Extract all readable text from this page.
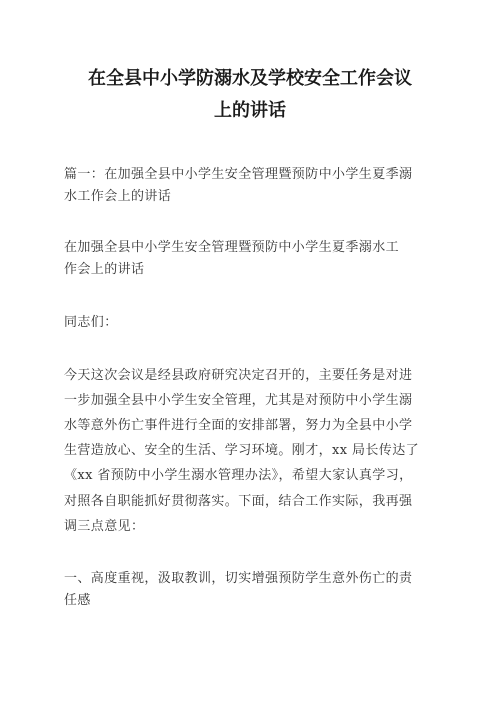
在全县中小学防溺水及学校安全工作会议
上的讲话
篇一：在加强全县中小学生安全管理暨预防中小学生夏季溺
水工作会上的讲话
在加强全县中小学生安全管理暨预防中小学生夏季溺水工
作会上的讲话
同志们：
今天这次会议是经县政府研究决定召开的，主要任务是对进
一步加强全县中小学生安全管理，尤其是对预防中小学生溺
水等意外伤亡事件进行全面的安排部署，努力为全县中小学
生营造放心、安全的生活、学习环境。刚才，xx 局长传达了
《xx 省预防中小学生溺水管理办法》，希望大家认真学习，
对照各自职能抓好贯彻落实。下面，结合工作实际，我再强
调三点意见：
一、高度重视，汲取教训，切实增强预防学生意外伤亡的责
任感
